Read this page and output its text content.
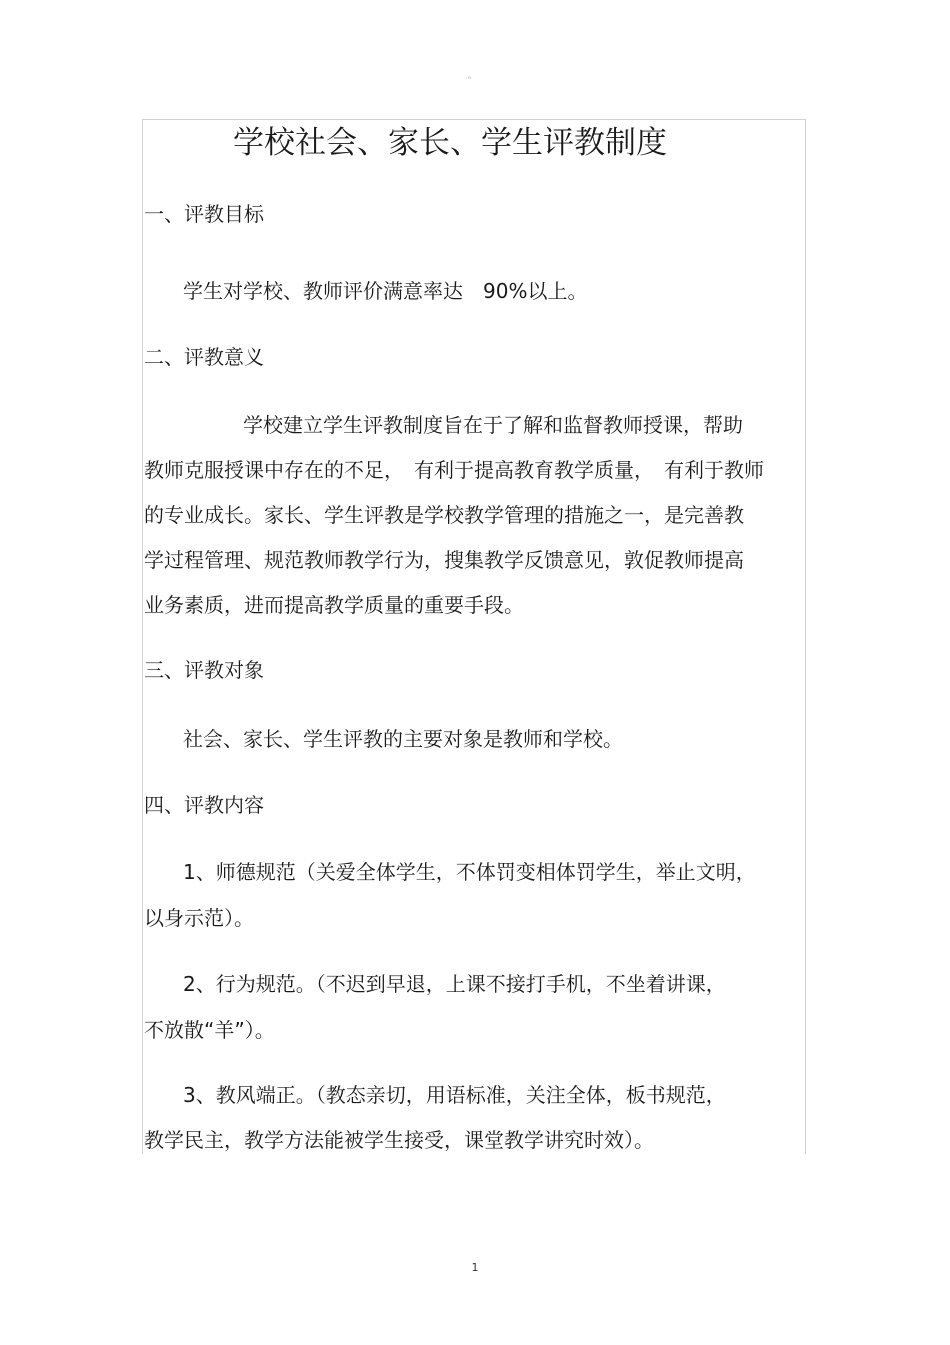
。
学校社会、家长、学生评教制度
一、评教目标
学生对学校、教师评价满意率达　90%以上。
二、评教意义
学校建立学生评教制度旨在于了解和监督教师授课，帮助
教师克服授课中存在的不足，　有利于提高教育教学质量，　有利于教师
的专业成长。家长、学生评教是学校教学管理的措施之一，是完善教
学过程管理、规范教师教学行为，搜集教学反馈意见，敦促教师提高
业务素质，进而提高教学质量的重要手段。
三、评教对象
社会、家长、学生评教的主要对象是教师和学校。
四、评教内容
1、师德规范（关爱全体学生，不体罚变相体罚学生，举止文明，
以身示范）。
2、行为规范。（不迟到早退，上课不接打手机，不坐着讲课，
不放散“羊”）。
3、教风端正。（教态亲切，用语标准，关注全体，板书规范，
教学民主，教学方法能被学生接受，课堂教学讲究时效）。
1
